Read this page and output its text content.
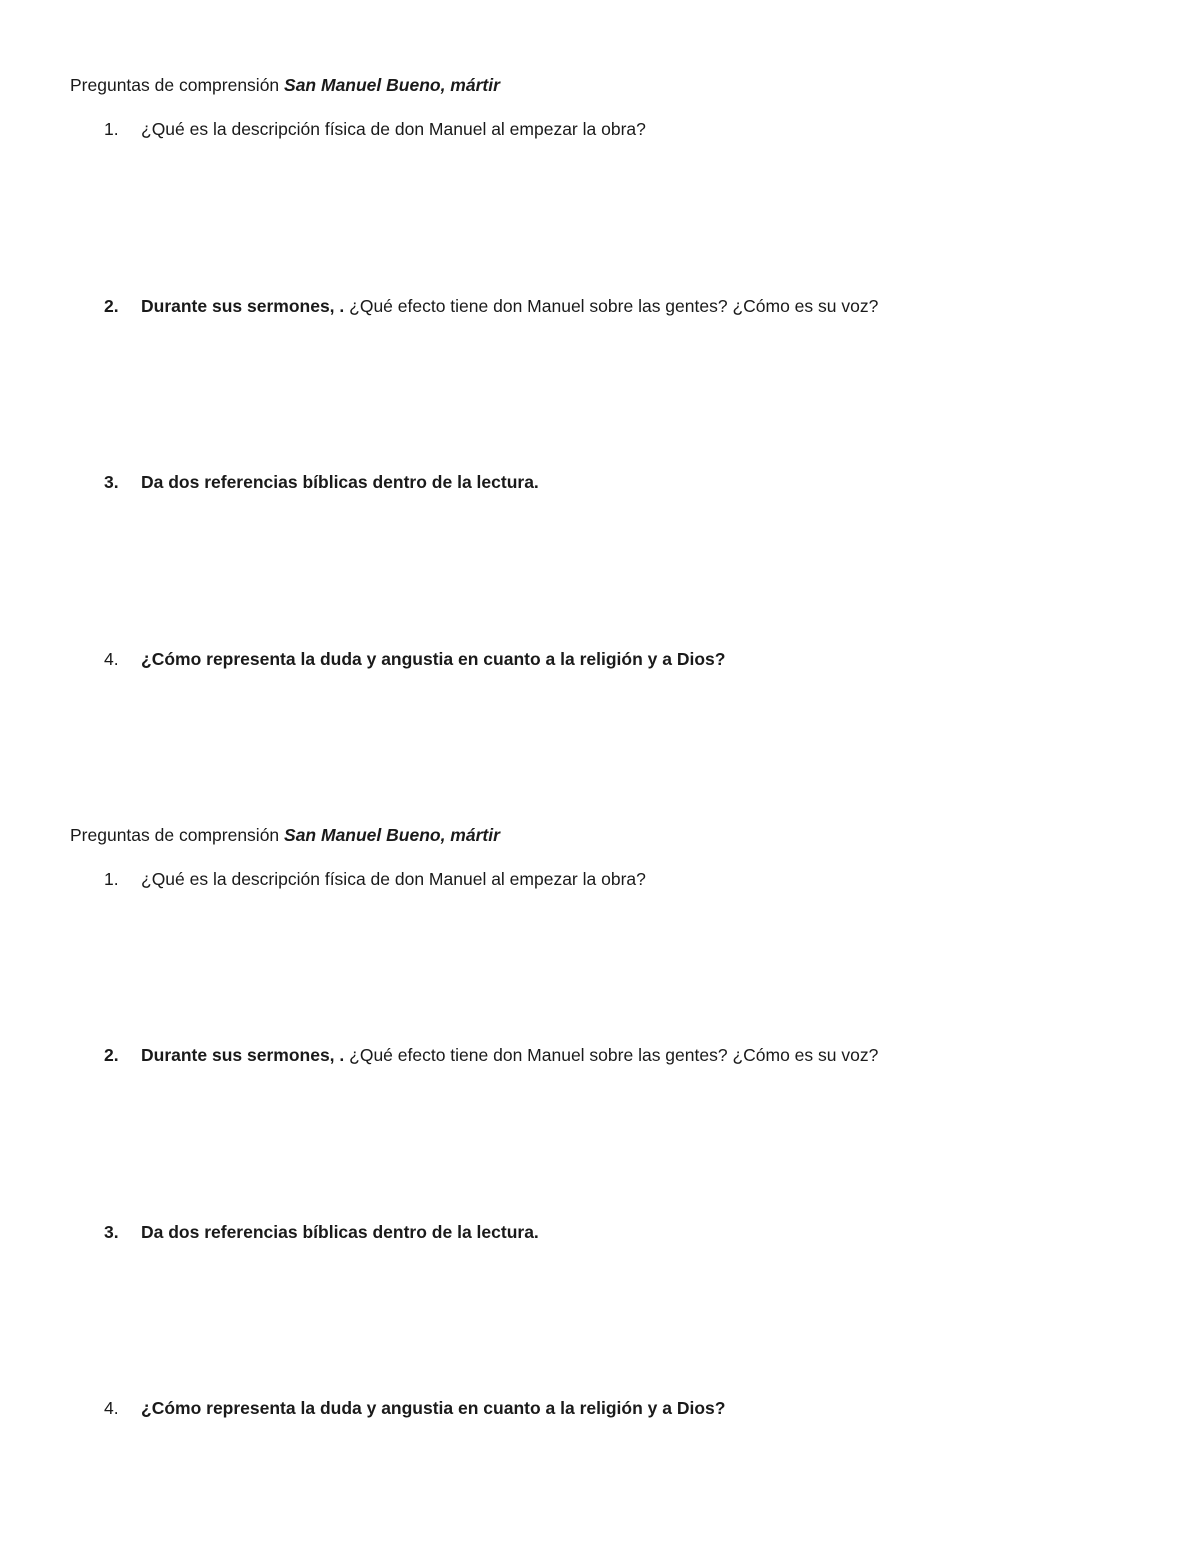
Preguntas de comprensión San Manuel Bueno, mártir
1.	¿Qué es la descripción física de don Manuel al empezar la obra?
2.	Durante sus sermones, . ¿Qué efecto tiene don Manuel sobre las gentes? ¿Cómo es su voz?
3.	Da dos referencias bíblicas dentro de la lectura.
4.	¿Cómo representa la duda y angustia en cuanto a la religión y a Dios?
Preguntas de comprensión San Manuel Bueno, mártir
1.	¿Qué es la descripción física de don Manuel al empezar la obra?
2.	Durante sus sermones, . ¿Qué efecto tiene don Manuel sobre las gentes? ¿Cómo es su voz?
3.	Da dos referencias bíblicas dentro de la lectura.
4.	¿Cómo representa la duda y angustia en cuanto a la religión y a Dios?
